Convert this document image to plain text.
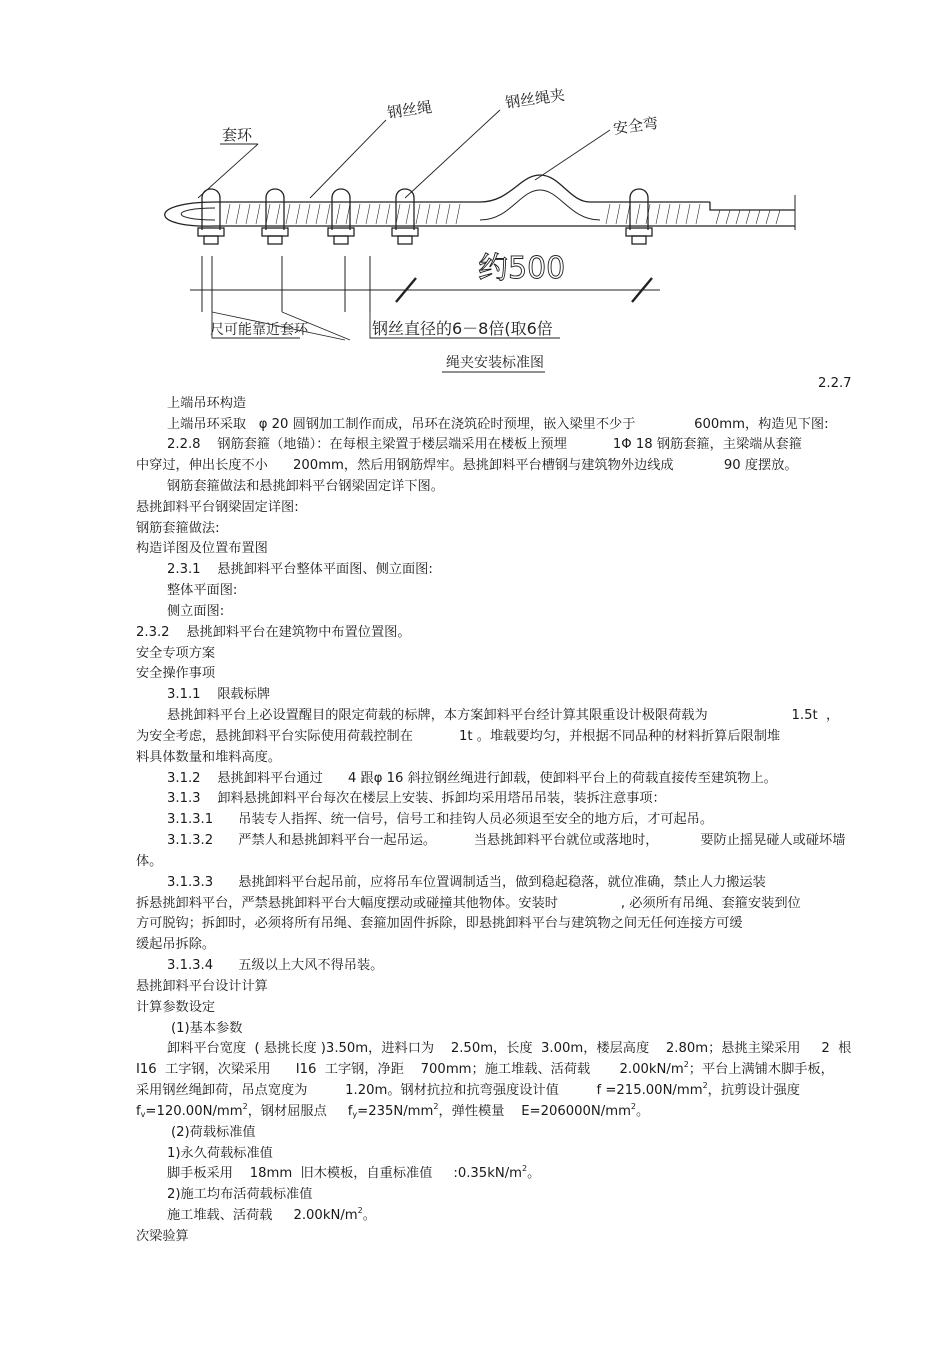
套环
钢丝绳	钢丝绳夹
安全弯
约500
尺可能靠近套环	钢丝直径的6－8倍(取6倍
绳夹安装标准图
2.2.7
上端吊环构造
上端吊环采取   φ 20 圆钢加工制作而成，吊环在浇筑砼时预埋，嵌入梁里不少于              600mm，构造见下图:
2.2.8    钢筋套箍（地锚）：在每根主梁置于楼层端采用在楼板上预埋           1Φ 18 钢筋套箍，主梁端从套箍
中穿过，伸出长度不小      200mm，然后用钢筋焊牢。悬挑卸料平台槽钢与建筑物外边线成            90 度摆放。
钢筋套箍做法和悬挑卸料平台钢梁固定详下图。
悬挑卸料平台钢梁固定详图:
钢筋套箍做法:
构造详图及位置布置图
2.3.1    悬挑卸料平台整体平面图、侧立面图:
整体平面图:
侧立面图:
2.3.2    悬挑卸料平台在建筑物中布置位置图。
安全专项方案
安全操作事项
3.1.1    限载标牌
悬挑卸料平台上必设置醒目的限定荷载的标牌，本方案卸料平台经计算其限重设计极限荷载为                    1.5t  ，
为安全考虑，悬挑卸料平台实际使用荷载控制在           1t 。堆载要均匀，并根据不同品种的材料折算后限制堆
料具体数量和堆料高度。
3.1.2    悬挑卸料平台通过      4 跟φ 16 斜拉钢丝绳进行卸载，使卸料平台上的荷载直接传至建筑物上。
3.1.3    卸料悬挑卸料平台每次在楼层上安装、拆卸均采用塔吊吊装，装拆注意事项：
3.1.3.1      吊装专人指挥、统一信号，信号工和挂钩人员必须退至安全的地方后，才可起吊。
3.1.3.2      严禁人和悬挑卸料平台一起吊运。         当悬挑卸料平台就位或落地时，          要防止摇晃碰人或碰坏墙
体。
3.1.3.3      悬挑卸料平台起吊前，应将吊车位置调制适当，做到稳起稳落，就位准确，禁止人力搬运装
拆悬挑卸料平台，严禁悬挑卸料平台大幅度摆动或碰撞其他物体。安装时               , 必须所有吊绳、套箍安装到位
方可脱钩；拆卸时，必须将所有吊绳、套箍加固件拆除，即悬挑卸料平台与建筑物之间无任何连接方可缓
缓起吊拆除。
3.1.3.4      五级以上大风不得吊装。
悬挑卸料平台设计计算
计算参数设定
(1)基本参数
卸料平台宽度  ( 悬挑长度 )3.50m，进料口为    2.50m，长度  3.00m，楼层高度    2.80m；悬挑主梁采用     2  根
I16  工字钢，次梁采用      I16  工字钢，净距    700mm；施工堆载、活荷载       $2.00kN/m^2$；平台上满铺木脚手板，
采用钢丝绳卸荷，吊点宽度为         1.20m。钢材抗拉和抗弯强度设计值         $f =215.00N/mm^2$，抗剪设计强度
$f_v=120.00N/mm^2$，钢材屈服点     $f_y=235N/mm^2$，弹性模量    $E=206000N/mm^2$。
(2)荷载标准值
1)永久荷载标准值
脚手板采用    18mm  旧木模板，自重标准值     $:0.35kN/m^2$。
2)施工均布活荷载标准值
施工堆载、活荷载     $2.00kN/m^2$。
次梁验算
